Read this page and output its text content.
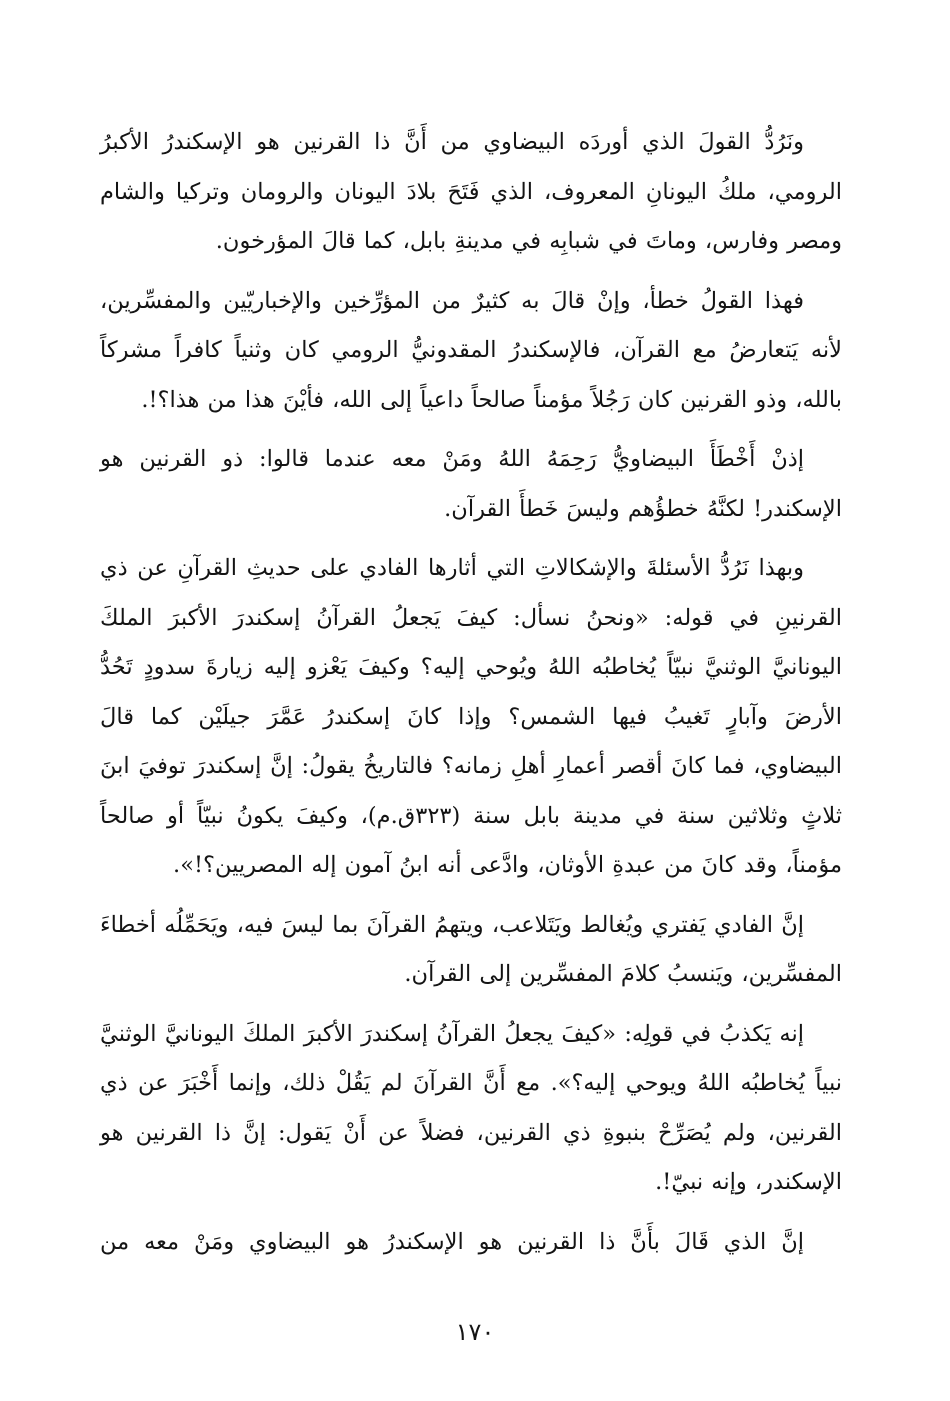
ونَرُدُّ القولَ الذي أوردَه البيضاوي من أَنَّ ذا القرنين هو الإسكندرُ الأكبرُ الرومي، ملكُ اليونانِ المعروف، الذي فَتَحَ بلادَ اليونان والرومان وتركيا والشام ومصر وفارس، وماتَ في شبابِه في مدينةِ بابل، كما قالَ المؤرخون.

فهذا القولُ خطأ، وإنْ قالَ به كثيرٌ من المؤرِّخين والإخباريّين والمفسِّرين، لأنه يَتعارضُ مع القرآن، فالإسكندرُ المقدونيُّ الرومي كان وثنياً كافراً مشركاً بالله، وذو القرنين كان رَجُلاً مؤمناً صالحاً داعياً إلى الله، فأيْنَ هذا من هذا؟!.

إذنْ أَخْطَأَ البيضاويُّ رَحِمَهُ اللهُ ومَنْ معه عندما قالوا: ذو القرنين هو الإسكندر! لكنَّهُ خطؤُهم وليسَ خَطأَ القرآن.

وبهذا نَرُدُّ الأسئلةَ والإشكالاتِ التي أثارها الفادي على حديثِ القرآنِ عن ذي القرنينِ في قوله: «ونحنُ نسأل: كيفَ يَجعلُ القرآنُ إسكندرَ الأكبرَ الملكَ اليونانيَّ الوثنيَّ نبيّاً يُخاطبُه اللهُ ويُوحي إليه؟ وكيفَ يَعْزو إليه زيارةَ سدودٍ تَحُدُّ الأرضَ وآبارٍ تَغيبُ فيها الشمس؟ وإذا كانَ إسكندرُ عَمَّرَ جيلَيْن كما قالَ البيضاوي، فما كانَ أقصر أعمارِ أهلِ زمانه؟ فالتاريخُ يقولُ: إنَّ إسكندرَ توفيَ ابنَ ثلاثٍ وثلاثين سنة في مدينة بابل سنة (٣٢٣ق.م)، وكيفَ يكونُ نبيّاً أو صالحاً مؤمناً، وقد كانَ من عبدةِ الأوثان، وادَّعى أنه ابنُ آمون إله المصريين؟!».

إنَّ الفادي يَفتري ويُغالط ويَتَلاعب، ويتهمُ القرآنَ بما ليسَ فيه، ويَحَمِّلُه أخطاءَ المفسِّرين، ويَنسبُ كلامَ المفسِّرين إلى القرآن.

إنه يَكذبُ في قولِه: «كيفَ يجعلُ القرآنُ إسكندرَ الأكبرَ الملكَ اليونانيَّ الوثنيَّ نبياً يُخاطبُه اللهُ ويوحي إليه؟». مع أَنَّ القرآنَ لم يَقُلْ ذلك، وإنما أَخْبَرَ عن ذي القرنين، ولم يُصَرِّحْ بنبوةِ ذي القرنين، فضلاً عن أَنْ يَقول: إنَّ ذا القرنين هو الإسكندر، وإنه نبيّ!.

إنَّ الذي قَالَ بأَنَّ ذا القرنين هو الإسكندرُ هو البيضاوي ومَنْ معه من

١٧٠
